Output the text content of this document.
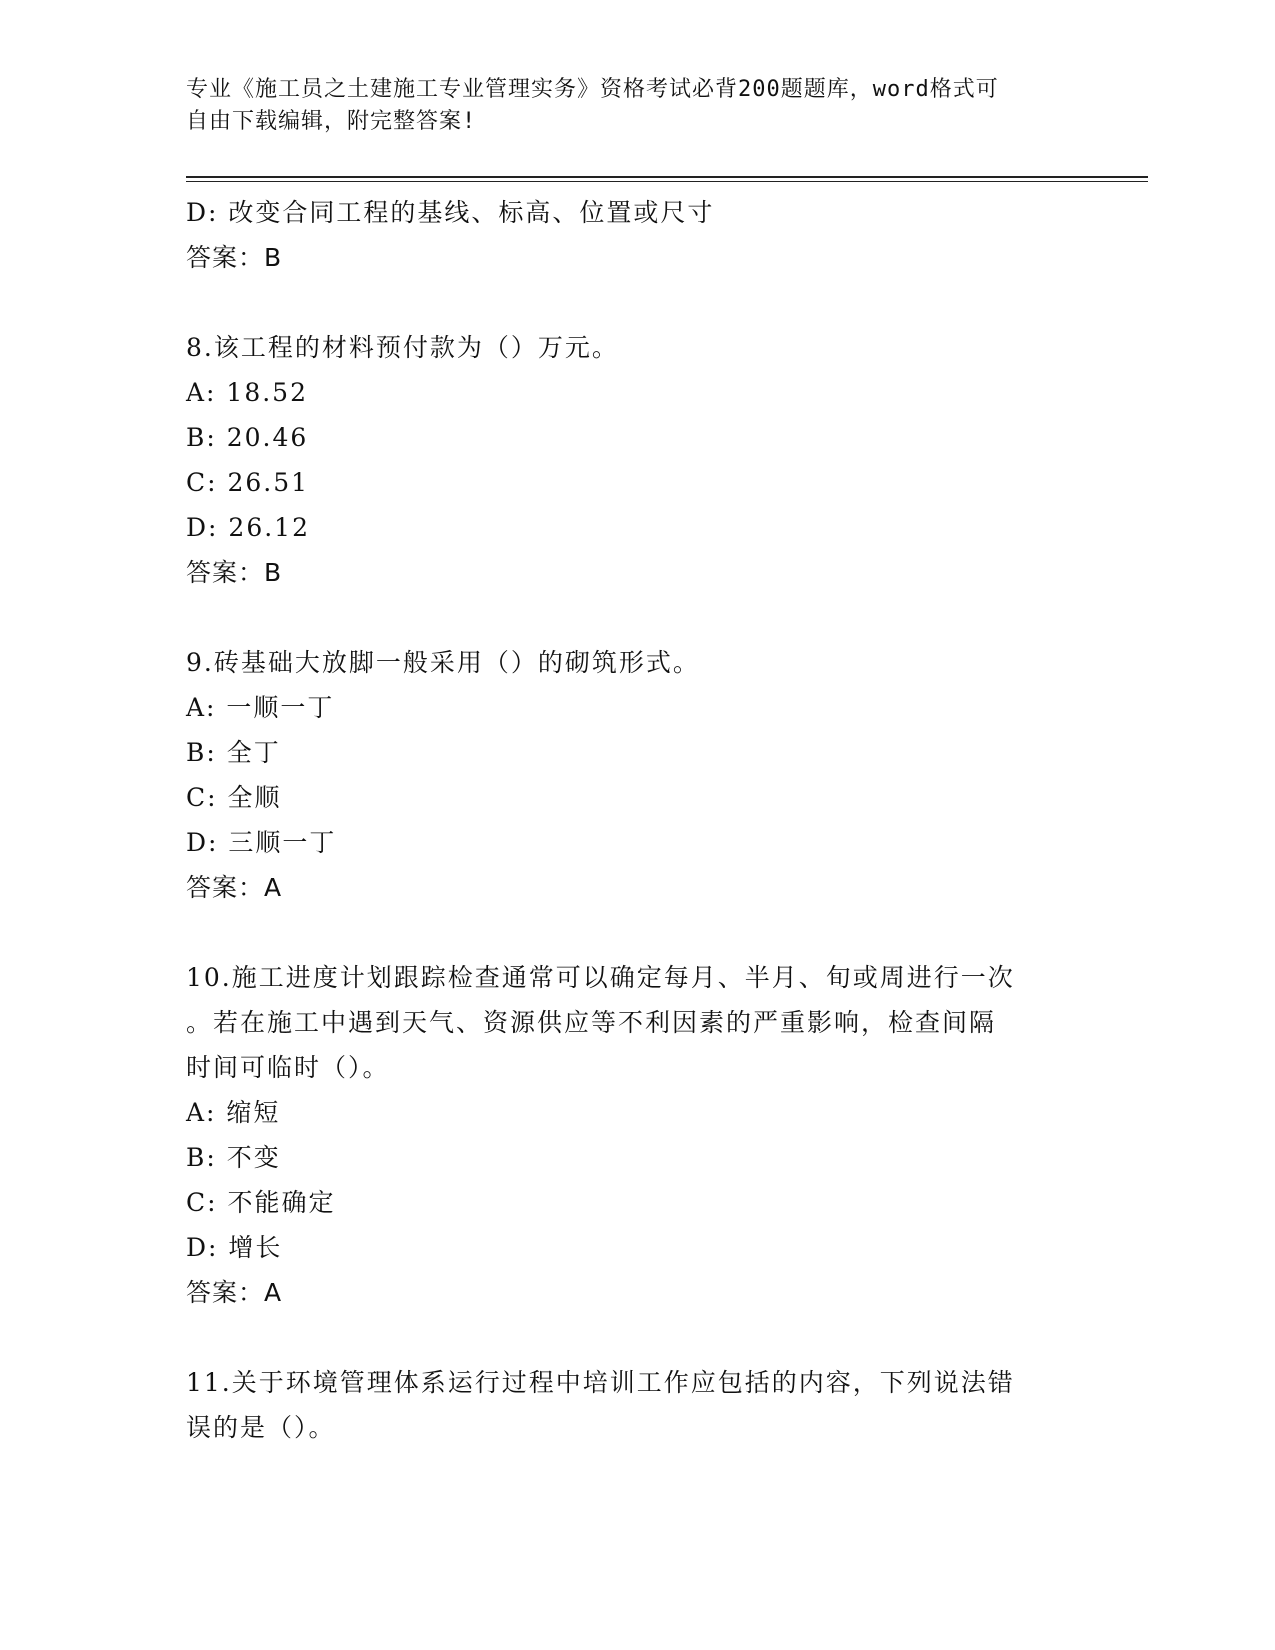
专业《施工员之土建施工专业管理实务》资格考试必背200题题库，word格式可
自由下载编辑，附完整答案!
D: 改变合同工程的基线、标高、位置或尺寸
答案：B
8.该工程的材料预付款为（）万元。
A: 18.52
B: 20.46
C: 26.51
D: 26.12
答案：B
9.砖基础大放脚一般采用（）的砌筑形式。
A: 一顺一丁
B: 全丁
C: 全顺
D: 三顺一丁
答案：A
10.施工进度计划跟踪检查通常可以确定每月、半月、旬或周进行一次
。若在施工中遇到天气、资源供应等不利因素的严重影响，检查间隔
时间可临时（）。
A: 缩短
B: 不变
C: 不能确定
D: 增长
答案：A
11.关于环境管理体系运行过程中培训工作应包括的内容，下列说法错
误的是（）。
